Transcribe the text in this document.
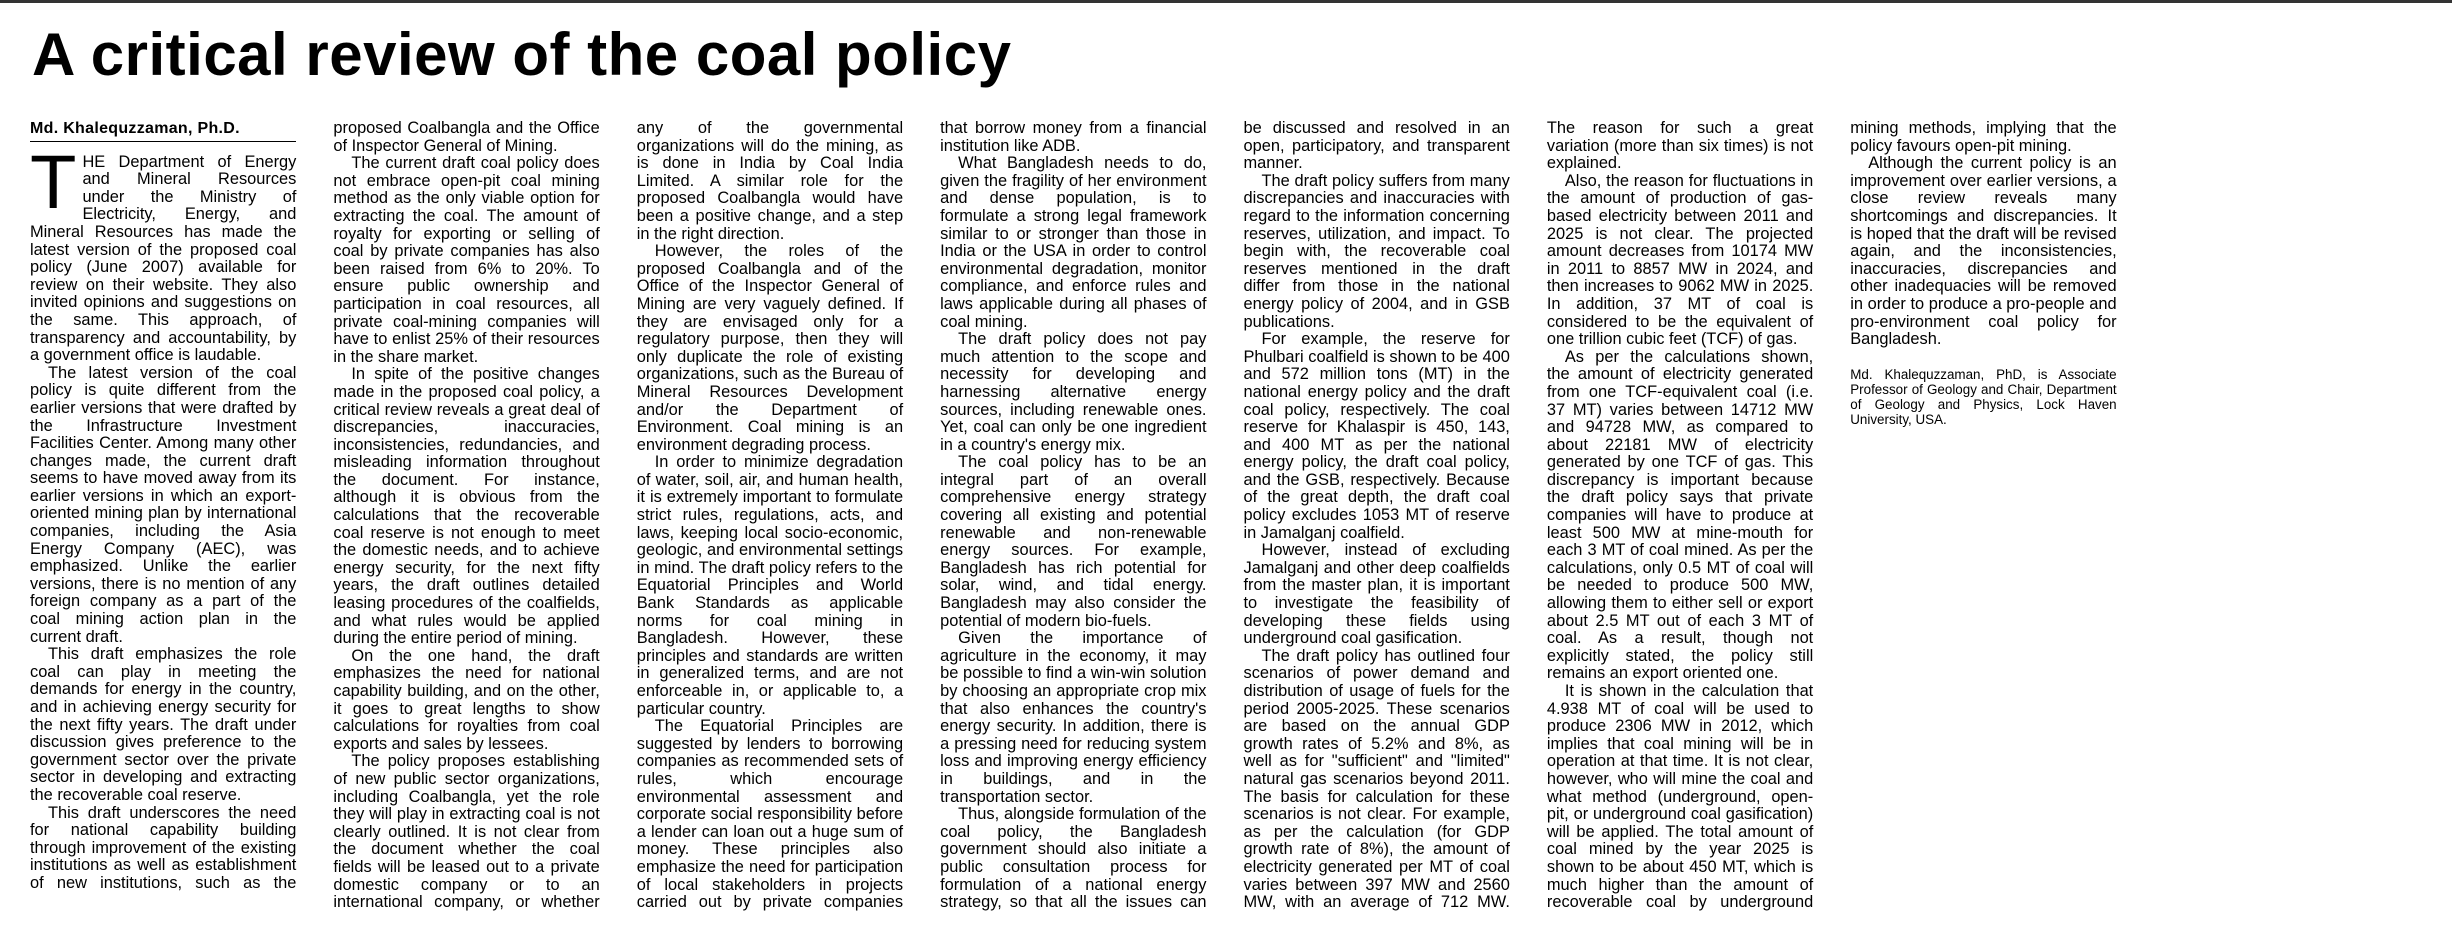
A critical review of the coal policy
Md. Khalequzzaman, Ph.D.

THE Department of Energy and Mineral Resources under the Ministry of Electricity, Energy, and Mineral Resources has made the latest version of the proposed coal policy (June 2007) available for review on their website. They also invited opinions and suggestions on the same. This approach, of transparency and accountability, by a government office is laudable.

The latest version of the coal policy is quite different from the earlier versions that were drafted by the Infrastructure Investment Facilities Center. Among many other changes made, the current draft seems to have moved away from its earlier versions in which an export-oriented mining plan by international companies, including the Asia Energy Company (AEC), was emphasized. Unlike the earlier versions, there is no mention of any foreign company as a part of the coal mining action plan in the current draft.

This draft emphasizes the role coal can play in meeting the demands for energy in the country, and in achieving energy security for the next fifty years. The draft under discussion gives preference to the government sector over the private sector in developing and extracting the recoverable coal reserve.

This draft underscores the need for national capability building through improvement of the existing institutions as well as establishment of new institutions, such as the proposed Coalbangla and the Office of Inspector General of Mining.

The current draft coal policy does not embrace open-pit coal mining method as the only viable option for extracting the coal. The amount of royalty for exporting or selling of coal by private companies has also been raised from 6% to 20%. To ensure public ownership and participation in coal resources, all private coal-mining companies will have to enlist 25% of their resources in the share market.

In spite of the positive changes made in the proposed coal policy, a critical review reveals a great deal of discrepancies, inaccuracies, inconsistencies, redundancies, and misleading information throughout the document. For instance, although it is obvious from the calculations that the recoverable coal reserve is not enough to meet the domestic needs, and to achieve energy security, for the next fifty years, the draft outlines detailed leasing procedures of the coalfields, and what rules would be applied during the entire period of mining.

On the one hand, the draft emphasizes the need for national capability building, and on the other, it goes to great lengths to show calculations for royalties from coal exports and sales by lessees.

The policy proposes establishing of new public sector organizations, including Coalbangla, yet the role they will play in extracting coal is not clearly outlined. It is not clear from the document whether the coal fields will be leased out to a private domestic company or to an international company, or whether any of the governmental organizations will do the mining, as is done in India by Coal India Limited. A similar role for the proposed Coalbangla would have been a positive change, and a step in the right direction.

However, the roles of the proposed Coalbangla and of the Office of the Inspector General of Mining are very vaguely defined. If they are envisaged only for a regulatory purpose, then they will only duplicate the role of existing organizations, such as the Bureau of Mineral Resources Development and/or the Department of Environment. Coal mining is an environment degrading process.

In order to minimize degradation of water, soil, air, and human health, it is extremely important to formulate strict rules, regulations, acts, and laws, keeping local socio-economic, geologic, and environmental settings in mind. The draft policy refers to the Equatorial Principles and World Bank Standards as applicable norms for coal mining in Bangladesh. However, these principles and standards are written in generalized terms, and are not enforceable in, or applicable to, a particular country.

The Equatorial Principles are suggested by lenders to borrowing companies as recommended sets of rules, which encourage environmental assessment and corporate social responsibility before a lender can loan out a huge sum of money. These principles also emphasize the need for participation of local stakeholders in projects carried out by private companies that borrow money from a financial institution like ADB.

What Bangladesh needs to do, given the fragility of her environment and dense population, is to formulate a strong legal framework similar to or stronger than those in India or the USA in order to control environmental degradation, monitor compliance, and enforce rules and laws applicable during all phases of coal mining.

The draft policy does not pay much attention to the scope and necessity for developing and harnessing alternative energy sources, including renewable ones. Yet, coal can only be one ingredient in a country's energy mix.

The coal policy has to be an integral part of an overall comprehensive energy strategy covering all existing and potential renewable and non-renewable energy sources. For example, Bangladesh has rich potential for solar, wind, and tidal energy. Bangladesh may also consider the potential of modern bio-fuels.

Given the importance of agriculture in the economy, it may be possible to find a win-win solution by choosing an appropriate crop mix that also enhances the country's energy security. In addition, there is a pressing need for reducing system loss and improving energy efficiency in buildings, and in the transportation sector.

Thus, alongside formulation of the coal policy, the Bangladesh government should also initiate a public consultation process for formulation of a national energy strategy, so that all the issues can be discussed and resolved in an open, participatory, and transparent manner.

The draft policy suffers from many discrepancies and inaccuracies with regard to the information concerning reserves, utilization, and impact. To begin with, the recoverable coal reserves mentioned in the draft differ from those in the national energy policy of 2004, and in GSB publications.

For example, the reserve for Phulbari coalfield is shown to be 400 and 572 million tons (MT) in the national energy policy and the draft coal policy, respectively. The coal reserve for Khalaspir is 450, 143, and 400 MT as per the national energy policy, the draft coal policy, and the GSB, respectively. Because of the great depth, the draft coal policy excludes 1053 MT of reserve in Jamalganj coalfield.

However, instead of excluding Jamalganj and other deep coalfields from the master plan, it is important to investigate the feasibility of developing these fields using underground coal gasification.

The draft policy has outlined four scenarios of power demand and distribution of usage of fuels for the period 2005-2025. These scenarios are based on the annual GDP growth rates of 5.2% and 8%, as well as for "sufficient" and "limited" natural gas scenarios beyond 2011. The basis for calculation for these scenarios is not clear. For example, as per the calculation (for GDP growth rate of 8%), the amount of electricity generated per MT of coal varies between 397 MW and 2560 MW, with an average of 712 MW. The reason for such a great variation (more than six times) is not explained.

Also, the reason for fluctuations in the amount of production of gas-based electricity between 2011 and 2025 is not clear. The projected amount decreases from 10174 MW in 2011 to 8857 MW in 2024, and then increases to 9062 MW in 2025. In addition, 37 MT of coal is considered to be the equivalent of one trillion cubic feet (TCF) of gas.

As per the calculations shown, the amount of electricity generated from one TCF-equivalent coal (i.e. 37 MT) varies between 14712 MW and 94728 MW, as compared to about 22181 MW of electricity generated by one TCF of gas. This discrepancy is important because the draft policy says that private companies will have to produce at least 500 MW at mine-mouth for each 3 MT of coal mined. As per the calculations, only 0.5 MT of coal will be needed to produce 500 MW, allowing them to either sell or export about 2.5 MT out of each 3 MT of coal. As a result, though not explicitly stated, the policy still remains an export oriented one.

It is shown in the calculation that 4.938 MT of coal will be used to produce 2306 MW in 2012, which implies that coal mining will be in operation at that time. It is not clear, however, who will mine the coal and what method (underground, open-pit, or underground coal gasification) will be applied. The total amount of coal mined by the year 2025 is shown to be about 450 MT, which is much higher than the amount of recoverable coal by underground mining methods, implying that the policy favours open-pit mining.

Although the current policy is an improvement over earlier versions, a close review reveals many shortcomings and discrepancies. It is hoped that the draft will be revised again, and the inconsistencies, inaccuracies, discrepancies and other inadequacies will be removed in order to produce a pro-people and pro-environment coal policy for Bangladesh.

Md. Khalequzzaman, PhD, is Associate Professor of Geology and Chair, Department of Geology and Physics, Lock Haven University, USA.
